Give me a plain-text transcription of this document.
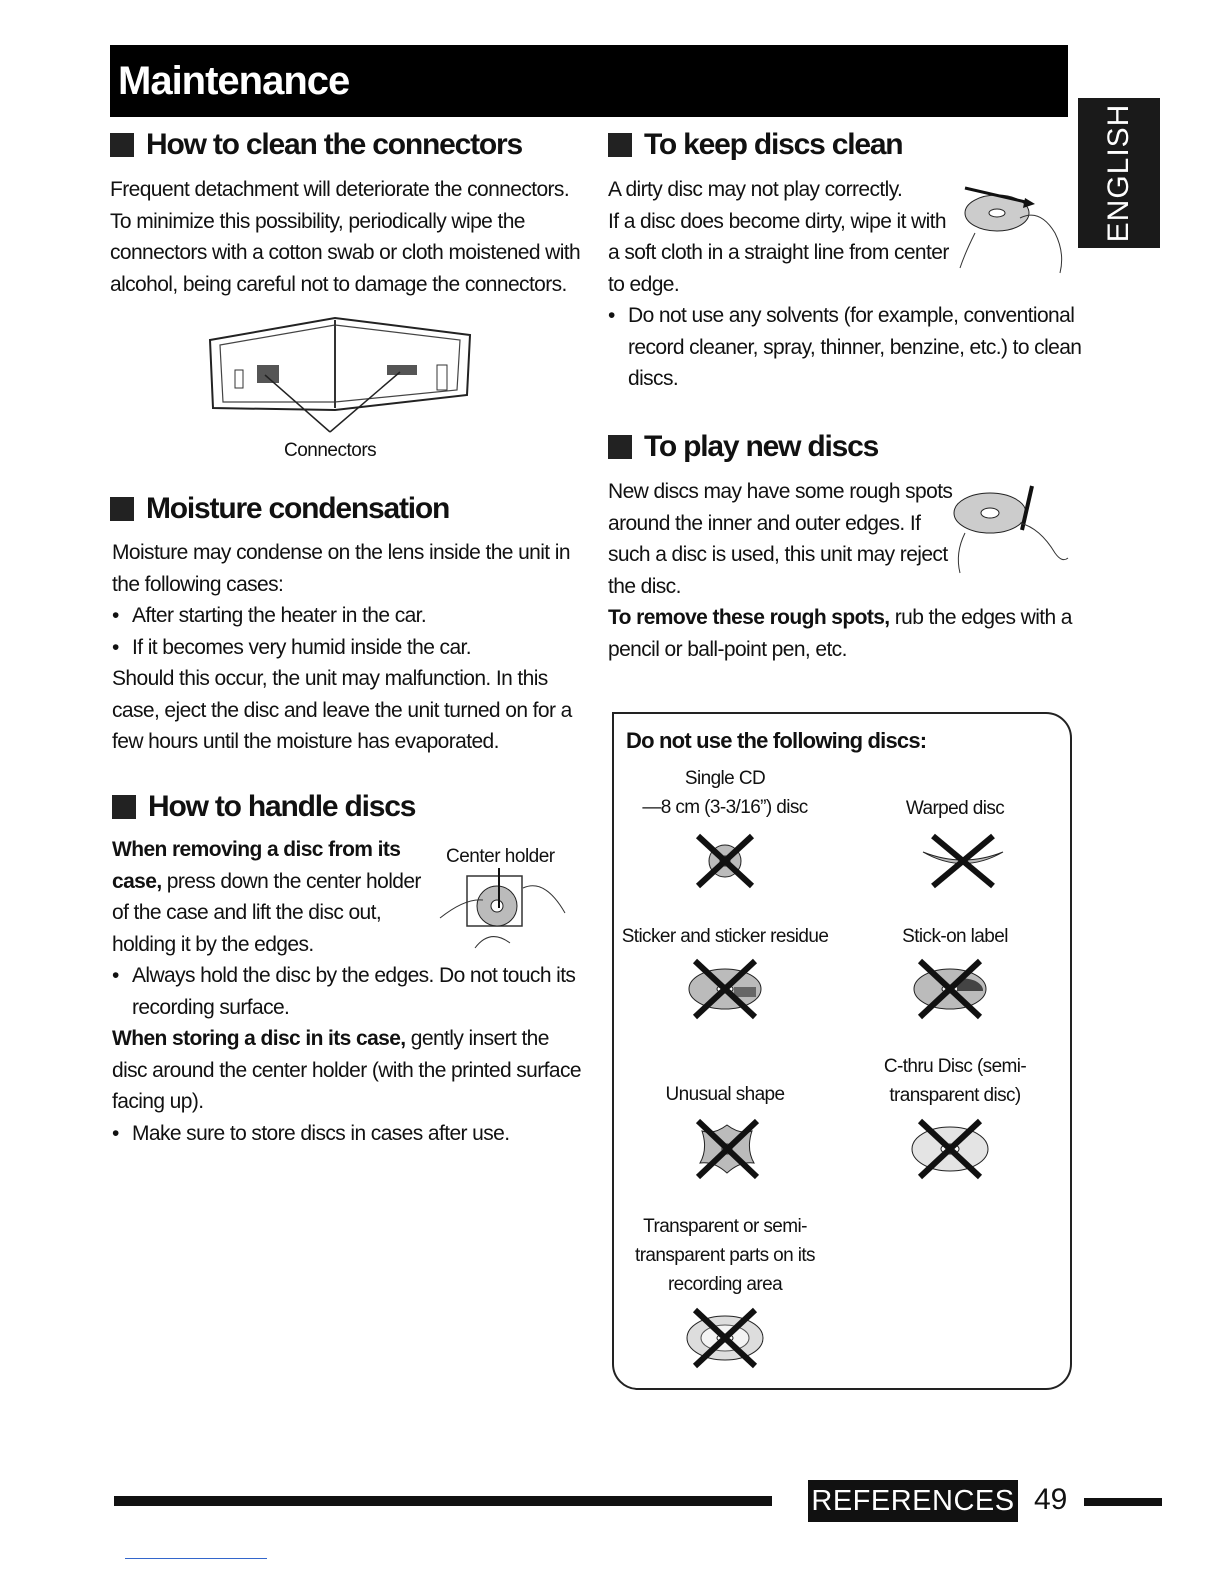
Maintenance
ENGLISH
How to clean the connectors
Frequent detachment will deteriorate the connectors.
To minimize this possibility, periodically wipe the
connectors with a cotton swab or cloth moistened with
alcohol, being careful not to damage the connectors.
Connectors
Moisture condensation
Moisture may condense on the lens inside the unit in
the following cases:
• After starting the heater in the car.
• If it becomes very humid inside the car.
Should this occur, the unit may malfunction. In this
case, eject the disc and leave the unit turned on for a
few hours until the moisture has evaporated.
How to handle discs
Center holder
When removing a disc from its
case, press down the center holder
of the case and lift the disc out,
holding it by the edges.
• Always hold the disc by the edges. Do not touch its
recording surface.
When storing a disc in its case, gently insert the
disc around the center holder (with the printed surface
facing up).
• Make sure to store discs in cases after use.
To keep discs clean
A dirty disc may not play correctly.
If a disc does become dirty, wipe it with
a soft cloth in a straight line from center
to edge.
• Do not use any solvents (for example, conventional
record cleaner, spray, thinner, benzine, etc.) to clean
discs.
To play new discs
New discs may have some rough spots
around the inner and outer edges. If
such a disc is used, this unit may reject
the disc.
To remove these rough spots, rub the edges with a
pencil or ball-point pen, etc.
Do not use the following discs:
Single CD
—8 cm (3-3/16”) disc	Warped disc
Sticker and sticker residue	Stick-on label
Unusual shape
C-thru Disc (semi-
transparent disc)
Transparent or semi-
transparent parts on its
recording area
REFERENCES 49
